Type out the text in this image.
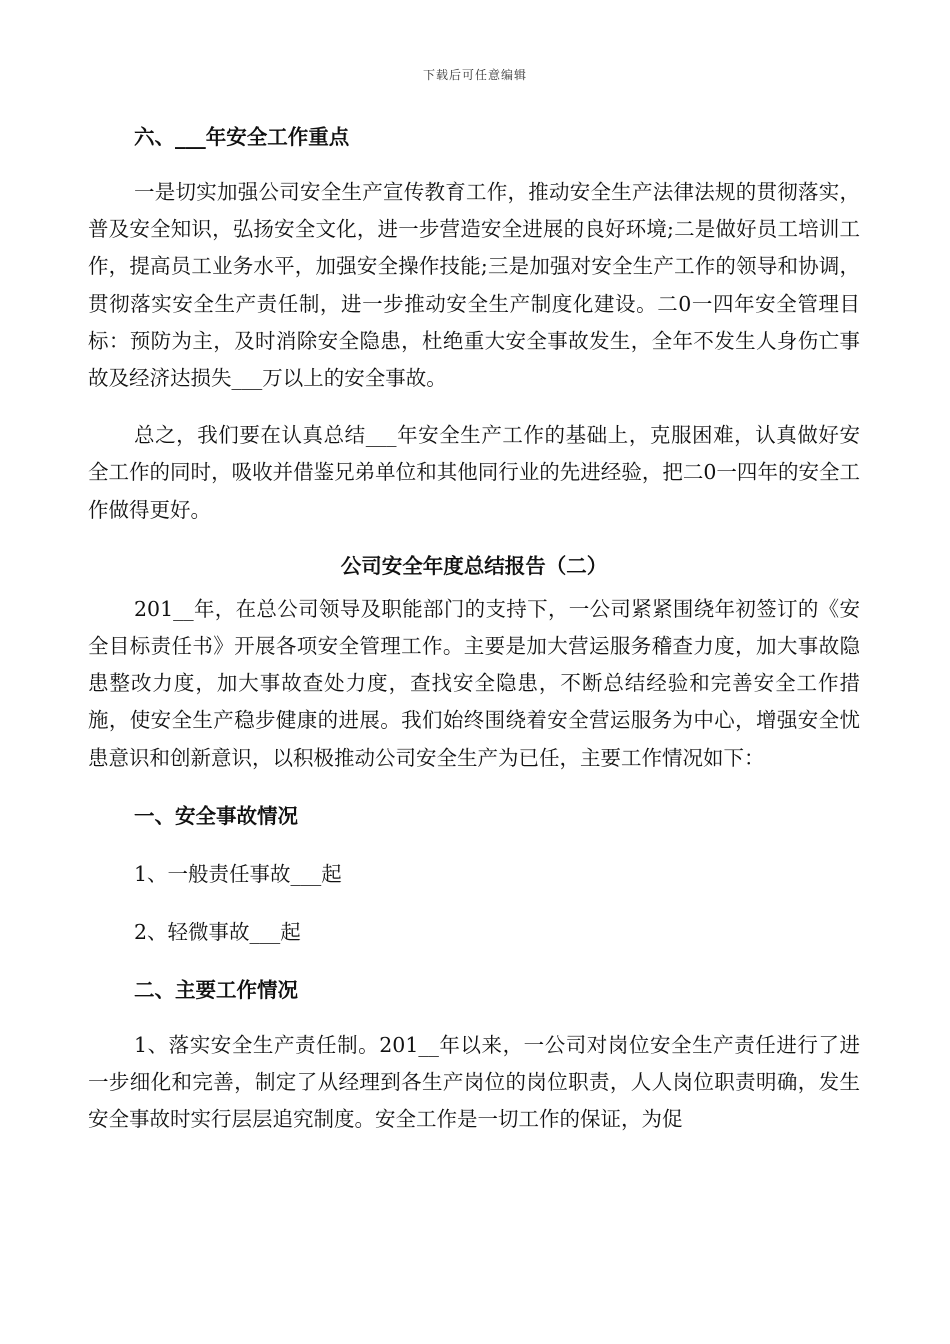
下载后可任意编辑

六、___年安全工作重点

一是切实加强公司安全生产宣传教育工作，推动安全生产法律法规的贯彻落实，普及安全知识，弘扬安全文化，进一步营造安全进展的良好环境;二是做好员工培训工作，提高员工业务水平，加强安全操作技能;三是加强对安全生产工作的领导和协调，贯彻落实安全生产责任制，进一步推动安全生产制度化建设。二0一四年安全管理目标：预防为主，及时消除安全隐患，杜绝重大安全事故发生，全年不发生人身伤亡事故及经济达损失___万以上的安全事故。

总之，我们要在认真总结___年安全生产工作的基础上，克服困难，认真做好安全工作的同时，吸收并借鉴兄弟单位和其他同行业的先进经验，把二0一四年的安全工作做得更好。

公司安全年度总结报告（二）

201__年，在总公司领导及职能部门的支持下，一公司紧紧围绕年初签订的《安全目标责任书》开展各项安全管理工作。主要是加大营运服务稽查力度，加大事故隐患整改力度，加大事故查处力度，查找安全隐患，不断总结经验和完善安全工作措施，使安全生产稳步健康的进展。我们始终围绕着安全营运服务为中心，增强安全忧患意识和创新意识，以积极推动公司安全生产为已任，主要工作情况如下：

一、安全事故情况

1、一般责任事故___起

2、轻微事故___起

二、主要工作情况

1、落实安全生产责任制。201__年以来，一公司对岗位安全生产责任进行了进一步细化和完善，制定了从经理到各生产岗位的岗位职责，人人岗位职责明确，发生安全事故时实行层层追究制度。安全工作是一切工作的保证，为促
